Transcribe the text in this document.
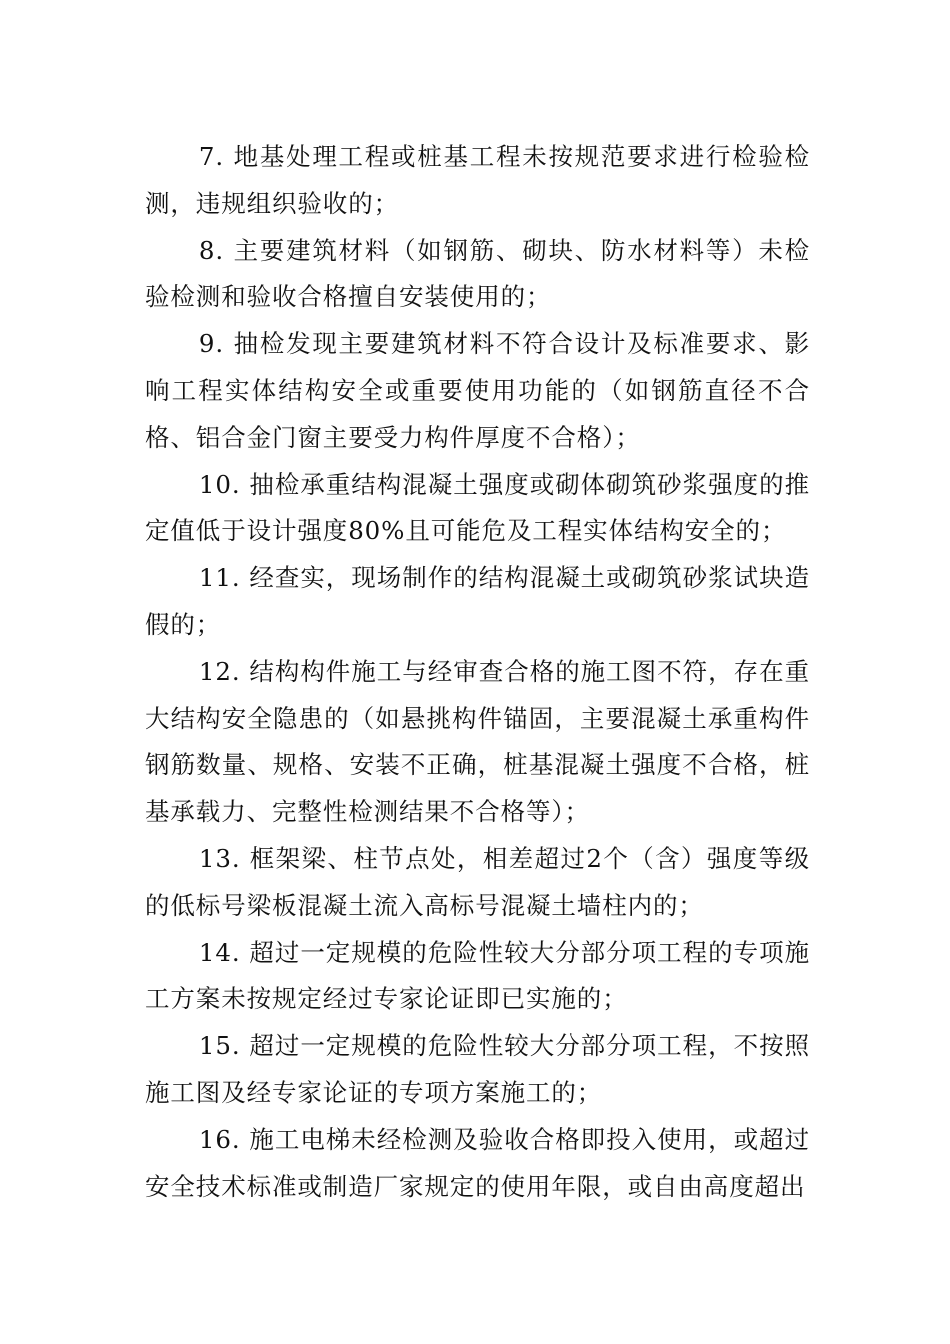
7. 地基处理工程或桩基工程未按规范要求进行检验检测，违规组织验收的；

8. 主要建筑材料（如钢筋、砌块、防水材料等）未检验检测和验收合格擅自安装使用的；

9. 抽检发现主要建筑材料不符合设计及标准要求、影响工程实体结构安全或重要使用功能的（如钢筋直径不合格、铝合金门窗主要受力构件厚度不合格）；

10. 抽检承重结构混凝土强度或砌体砌筑砂浆强度的推定值低于设计强度80%且可能危及工程实体结构安全的；

11. 经查实，现场制作的结构混凝土或砌筑砂浆试块造假的；

12. 结构构件施工与经审查合格的施工图不符，存在重大结构安全隐患的（如悬挑构件锚固，主要混凝土承重构件钢筋数量、规格、安装不正确，桩基混凝土强度不合格，桩基承载力、完整性检测结果不合格等）；

13. 框架梁、柱节点处，相差超过2个（含）强度等级的低标号梁板混凝土流入高标号混凝土墙柱内的；

14. 超过一定规模的危险性较大分部分项工程的专项施工方案未按规定经过专家论证即已实施的；

15. 超过一定规模的危险性较大分部分项工程，不按照施工图及经专家论证的专项方案施工的；

16. 施工电梯未经检测及验收合格即投入使用，或超过安全技术标准或制造厂家规定的使用年限，或自由高度超出
